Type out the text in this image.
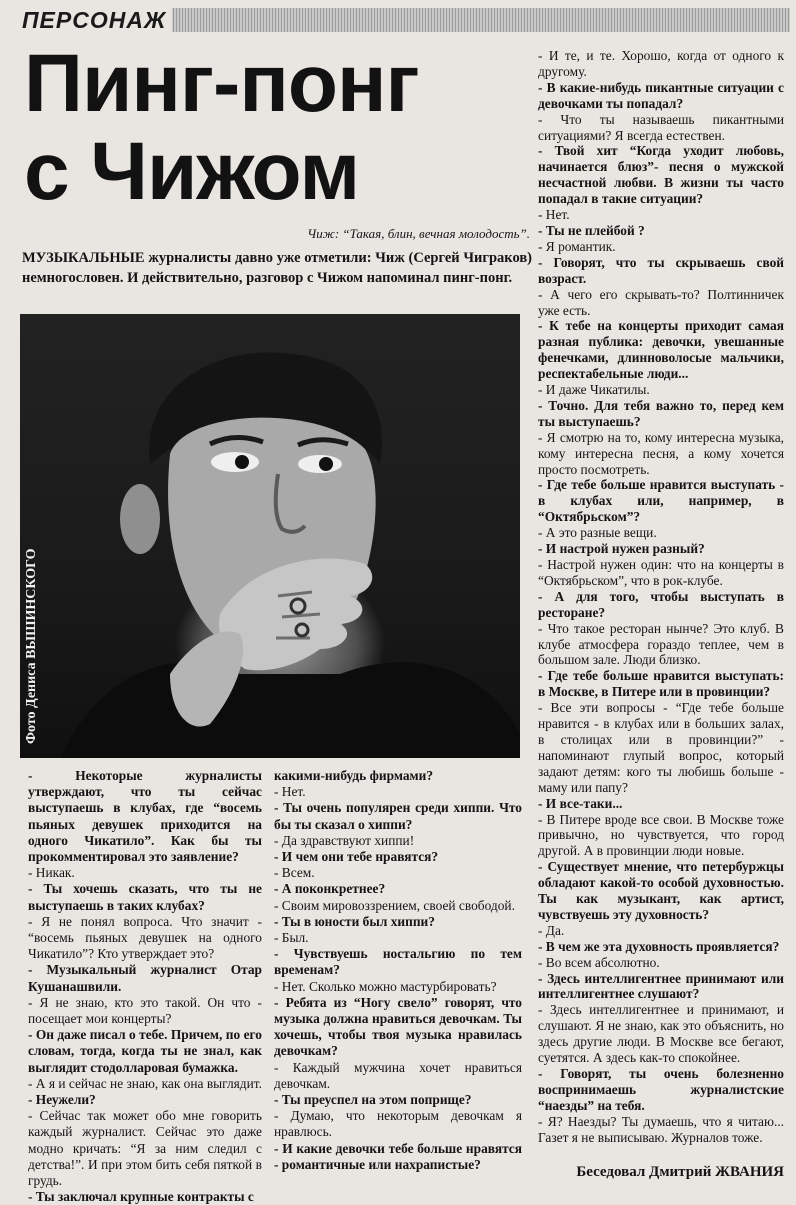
ПЕРСОНАЖ
Пинг-понг
с Чижом
Чиж: “Такая, блин, вечная молодость”.
МУЗЫКАЛЬНЫЕ журналисты давно уже отметили: Чиж (Сергей Чиграков) немногословен. И действительно, разговор с Чижом напоминал пинг-понг.
Фото Дениса ВЫШИНСКОГО

- Некоторые журналисты утверждают, что ты сейчас выступаешь в клубах, где “восемь пьяных девушек приходится на одного Чикатило”. Как бы ты прокомментировал это заявление?

- Никак.

- Ты хочешь сказать, что ты не выступаешь в таких клубах?

- Я не понял вопроса. Что значит - “восемь пьяных девушек на одного Чикатило”? Кто утверждает это?

- Музыкальный журналист Отар Кушанашвили.

- Я не знаю, кто это такой. Он что - посещает мои концерты?

- Он даже писал о тебе. Причем, по его словам, тогда, когда ты не знал, как выглядит стодолларовая бумажка.

- А я и сейчас не знаю, как она выглядит.

- Неужели?

- Сейчас так может обо мне говорить каждый журналист. Сейчас это даже модно кричать: “Я за ним следил с детства!”. И при этом бить себя пяткой в грудь.

- Ты заключал крупные контракты с

какими-нибудь фирмами?

- Нет.

- Ты очень популярен среди хиппи. Что бы ты сказал о хиппи?

- Да здравствуют хиппи!

- И чем они тебе нравятся?

- Всем.

- А поконкретнее?

- Своим мировоззрением, своей свободой.

- Ты в юности был хиппи?

- Был.

- Чувствуешь ностальгию по тем временам?

- Нет. Сколько можно мастурбировать?

- Ребята из “Ногу свело” говорят, что музыка должна нравиться девочкам. Ты хочешь, чтобы твоя музыка нравилась девочкам?

- Каждый мужчина хочет нравиться девочкам.

- Ты преуспел на этом поприще?

- Думаю, что некоторым девочкам я нравлюсь.

- И какие девочки тебе больше нравятся - романтичные или нахрапистые?

- И те, и те. Хорошо, когда от одного к другому.

- В какие-нибудь пикантные ситуации с девочками ты попадал?

- Что ты называешь пикантными ситуациями? Я всегда естествен.

- Твой хит “Когда уходит любовь, начинается блюз”- песня о мужской несчастной любви. В жизни ты часто попадал в такие ситуации?

- Нет.

- Ты не плейбой ?

- Я романтик.

- Говорят, что ты скрываешь свой возраст.

- А чего его скрывать-то? Полтинничек уже есть.

- К тебе на концерты приходит самая разная публика: девочки, увешанные фенечками, длинноволосые мальчики, респектабельные люди...

- И даже Чикатилы.

- Точно. Для тебя важно то, перед кем ты выступаешь?

- Я смотрю на то, кому интересна музыка, кому интересна песня, а кому хочется просто посмотреть.

- Где тебе больше нравится выступать - в клубах или, например, в “Октябрьском”?

- А это разные вещи.

- И настрой нужен разный?

- Настрой нужен один: что на концерты в “Октябрьском”, что в рок-клубе.

- А для того, чтобы выступать в ресторане?

- Что такое ресторан нынче? Это клуб. В клубе атмосфера гораздо теплее, чем в большом зале. Люди близко.

- Где тебе больше нравится выступать: в Москве, в Питере или в провинции?

- Все эти вопросы - “Где тебе больше нравится - в клубах или в больших залах, в столицах или в провинции?” - напоминают глупый вопрос, который задают детям: кого ты любишь больше - маму или папу?

- И все-таки...

- В Питере вроде все свои. В Москве тоже привычно, но чувствуется, что город другой. А в провинции люди новые.

- Существует мнение, что петербуржцы обладают какой-то особой духовностью. Ты как музыкант, как артист, чувствуешь эту духовность?

- Да.

- В чем же эта духовность проявляется?

- Во всем абсолютно.

- Здесь интеллигентнее принимают или интеллигентнее слушают?

- Здесь интеллигентнее и принимают, и слушают. Я не знаю, как это объяснить, но здесь другие люди. В Москве все бегают, суетятся. А здесь как-то спокойнее.

- Говорят, ты очень болезненно воспринимаешь журналистские “наезды” на тебя.

- Я? Наезды? Ты думаешь, что я читаю... Газет я не выписываю. Журналов тоже.

Беседовал Дмитрий ЖВАНИЯ
